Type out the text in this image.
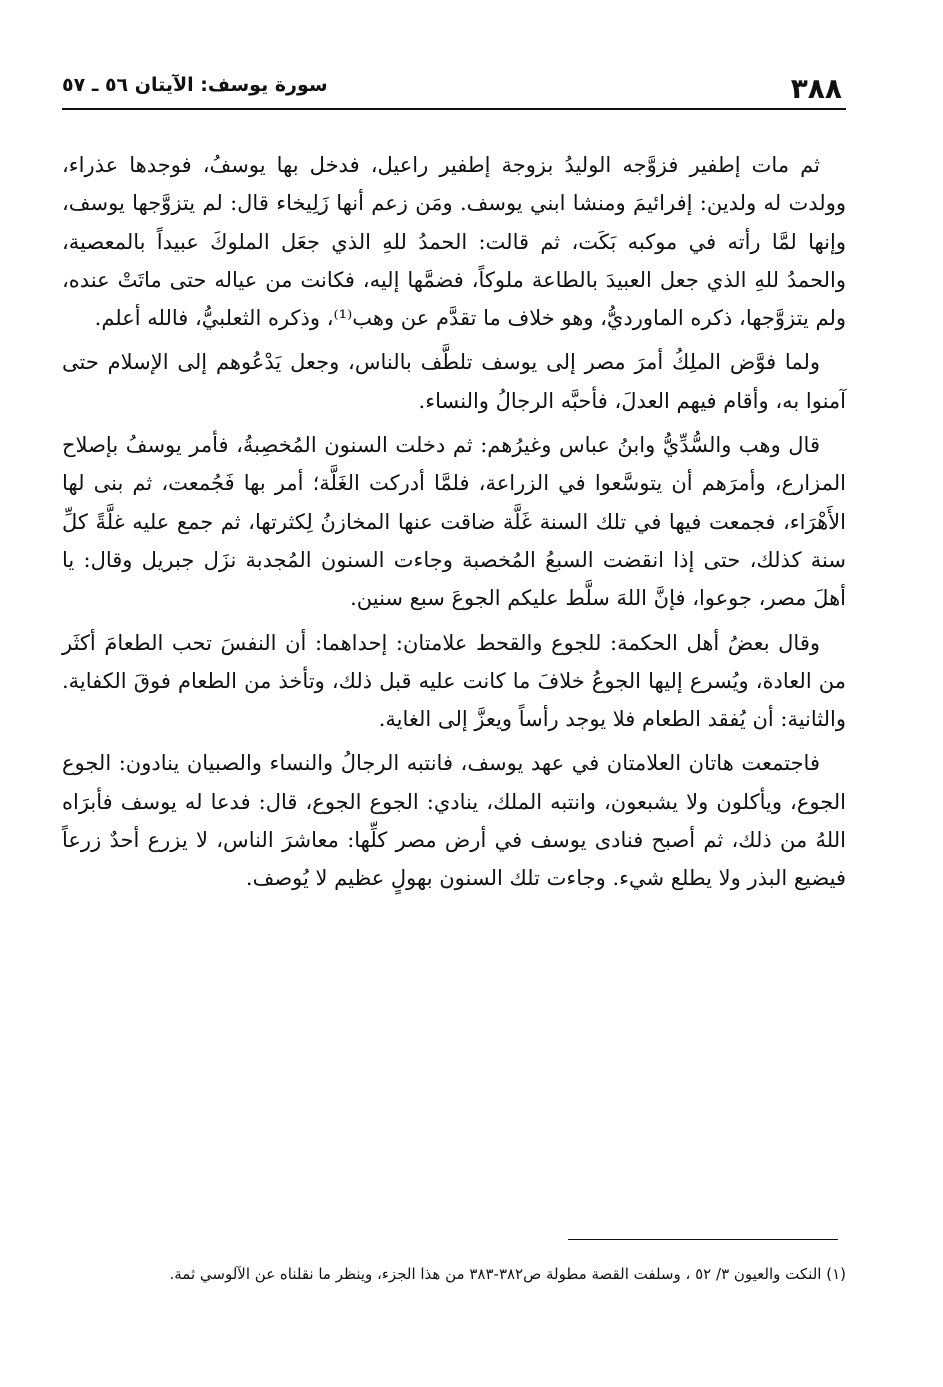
٣٨٨
سورة يوسف: الآيتان ٥٦ ـ ٥٧

ثم مات إطفير فزوَّجه الوليدُ بزوجة إطفير راعيل، فدخل بها يوسفُ، فوجدها عذراء، وولدت له ولدين: إفرائيمَ ومنشا ابني يوسف. ومَن زعم أنها زَلِيخاء قال: لم يتزوَّجها يوسف، وإنها لمَّا رأته في موكبه بَكَت، ثم قالت: الحمدُ للهِ الذي جعَل الملوكَ عبيداً بالمعصية، والحمدُ للهِ الذي جعل العبيدَ بالطاعة ملوكاً، فضمَّها إليه، فكانت من عياله حتى ماتَتْ عنده، ولم يتزوَّجها، ذكره الماورديُّ، وهو خلاف ما تقدَّم عن وهب⁽¹⁾، وذكره الثعلبيُّ، فالله أعلم.

ولما فوَّض الملِكُ أمرَ مصر إلى يوسف تلطَّف بالناس، وجعل يَدْعُوهم إلى الإسلام حتى آمنوا به، وأقام فيهم العدلَ، فأحبَّه الرجالُ والنساء.

قال وهب والسُّدِّيُّ وابنُ عباس وغيرُهم: ثم دخلت السنون المُخصِبةُ، فأمر يوسفُ بإصلاح المزارع، وأمرَهم أن يتوسَّعوا في الزراعة، فلمَّا أدركت الغَلَّة؛ أمر بها فَجُمعت، ثم بنى لها الأَهْرَاء، فجمعت فيها في تلك السنة غَلَّة ضاقت عنها المخازنُ لِكثرتها، ثم جمع عليه غلَّةً كلِّ سنة كذلك، حتى إذا انقضت السبعُ المُخصبة وجاءت السنون المُجدبة نزَل جبريل وقال: يا أهلَ مصر، جوعوا، فإنَّ اللهَ سلَّط عليكم الجوعَ سبع سنين.

وقال بعضُ أهل الحكمة: للجوع والقحط علامتان: إحداهما: أن النفسَ تحب الطعامَ أكثَر من العادة، ويُسرع إليها الجوعُ خلافَ ما كانت عليه قبل ذلك، وتأخذ من الطعام فوقَ الكفاية. والثانية: أن يُفقد الطعام فلا يوجد رأساً ويعزَّ إلى الغاية.

فاجتمعت هاتان العلامتان في عهد يوسف، فانتبه الرجالُ والنساء والصبيان ينادون: الجوع الجوع، ويأكلون ولا يشبعون، وانتبه الملك، ينادي: الجوع الجوع، قال: فدعا له يوسف فأبرَاه اللهُ من ذلك، ثم أصبح فنادى يوسف في أرض مصر كلِّها: معاشرَ الناس، لا يزرع أحدٌ زرعاً فيضيع البذر ولا يطلع شيء. وجاءت تلك السنون بهولٍ عظيم لا يُوصف.

(١) النكت والعيون ٣/ ٥٢ ، وسلفت القصة مطولة ص٣٨٢-٣٨٣ من هذا الجزء، وينظر ما نقلناه عن الآلوسي ثمة.
